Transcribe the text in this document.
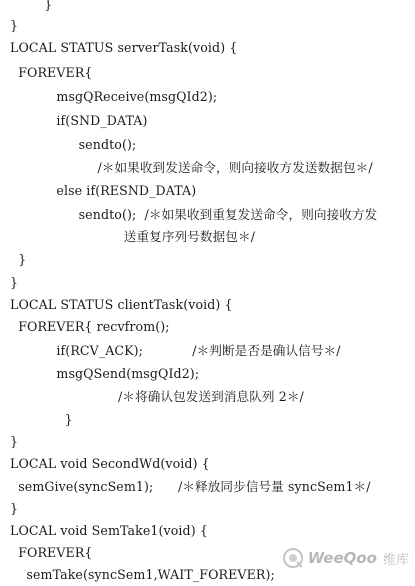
}
}
LOCAL STATUS serverTask(void) {
FOREVER{
msgQReceive(msgQId2);
if(SND_DATA)
sendto();
/＊如果收到发送命令，则向接收方发送数据包＊/
else if(RESND_DATA)
sendto();  /＊如果收到重复发送命令，则向接收方发
送重复序列号数据包＊/
}
}
LOCAL STATUS clientTask(void) {
FOREVER{ recvfrom();
if(RCV_ACK);            /＊判断是否是确认信号＊/
msgQSend(msgQId2);
/＊将确认包发送到消息队列 2＊/
}
}
LOCAL void SecondWd(void) {
semGive(syncSem1);      /＊释放同步信号量 syncSem1＊/
}
LOCAL void SemTake1(void) {
FOREVER{
semTake(syncSem1,WAIT_FOREVER);
WeeQoo 维库
